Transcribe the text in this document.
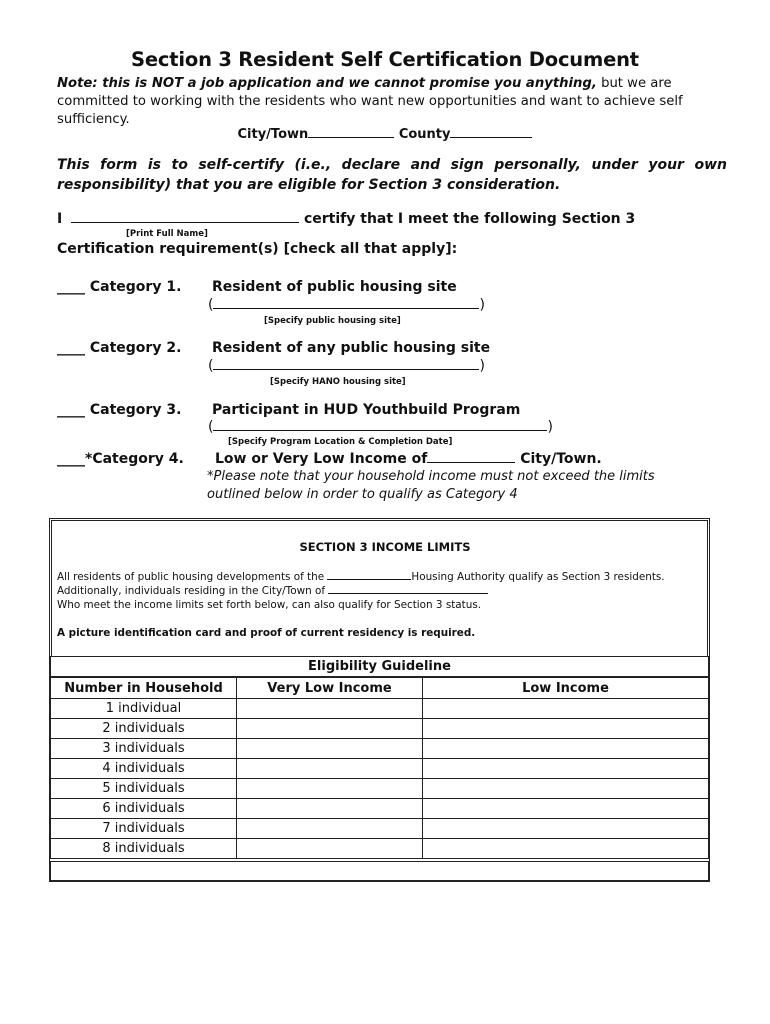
Section 3 Resident Self Certification Document
Note: this is NOT a job application and we cannot promise you anything, but we are committed to working with the residents who want new opportunities and want to achieve self sufficiency.
City/Town	County
This form is to self-certify (i.e., declare and sign personally, under your own responsibility) that you are eligible for Section 3 consideration.
I	certify that I meet the following Section 3
[Print Full Name]
Certification requirement(s) [check all that apply]:
____ Category 1. Resident of public housing site
(	)
[Specify public housing site]
____ Category 2. Resident of any public housing site
(	)
[Specify HANO housing site]
____ Category 3. Participant in HUD Youthbuild Program
(	)
[Specify Program Location & Completion Date]
____*Category 4. Low or Very Low Income of	City/Town.
*Please note that your household income must not exceed the limits outlined below in order to qualify as Category 4
SECTION 3 INCOME LIMITS
All residents of public housing developments of the	Housing Authority qualify as Section 3 residents.
Additionally, individuals residing in the City/Town of
Who meet the income limits set forth below, can also qualify for Section 3 status.
A picture identification card and proof of current residency is required.
Eligibility Guideline
Number in Household	Very Low Income	Low Income
1 individual		
2 individuals		
3 individuals		
4 individuals		
5 individuals		
6 individuals		
7 individuals		
8 individuals		
